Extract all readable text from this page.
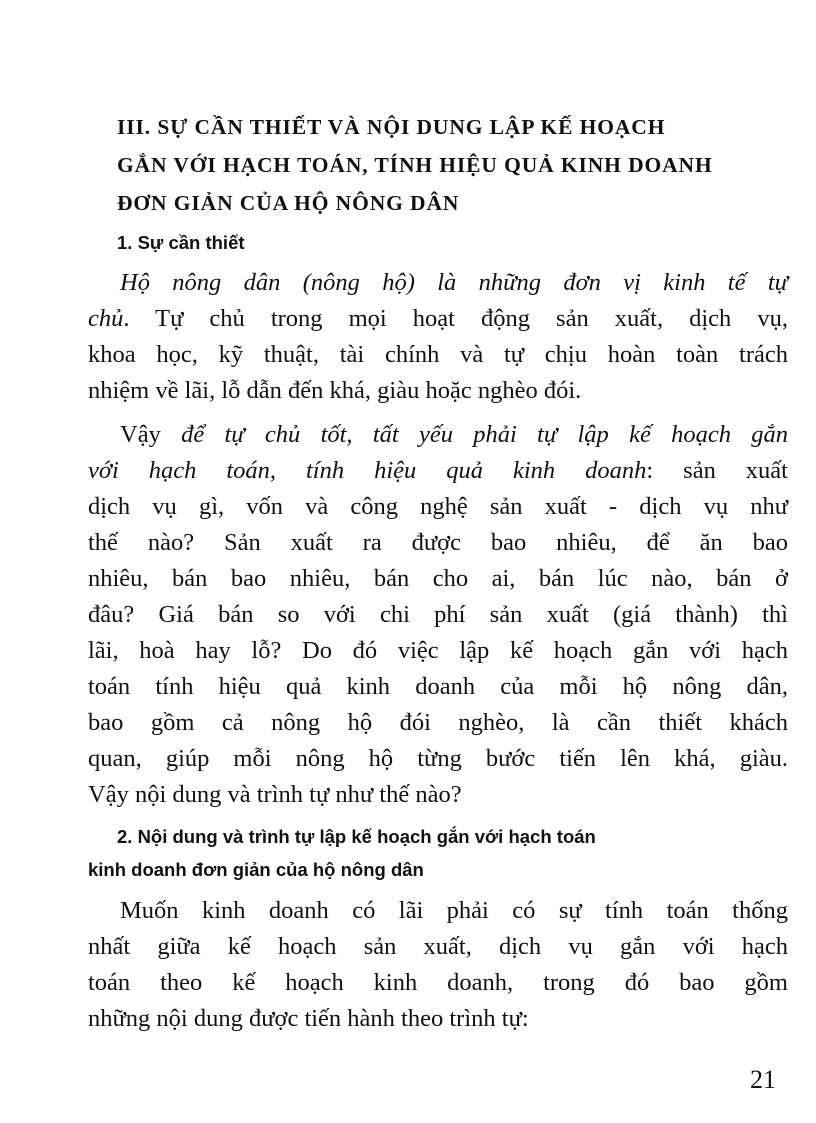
III. SỰ CẦN THIẾT VÀ NỘI DUNG LẬP KẾ HOẠCH
GẮN VỚI HẠCH TOÁN, TÍNH HIỆU QUẢ KINH DOANH
ĐƠN GIẢN CỦA HỘ NÔNG DÂN
1. Sự cần thiết
Hộ nông dân (nông hộ) là những đơn vị kinh tế tự
chủ. Tự chủ trong mọi hoạt động sản xuất, dịch vụ,
khoa học, kỹ thuật, tài chính và tự chịu hoàn toàn trách
nhiệm về lãi, lỗ dẫn đến khá, giàu hoặc nghèo đói.
Vậy để tự chủ tốt, tất yếu phải tự lập kế hoạch gắn
với hạch toán, tính hiệu quả kinh doanh: sản xuất
dịch vụ gì, vốn và công nghệ sản xuất - dịch vụ như
thế nào? Sản xuất ra được bao nhiêu, để ăn bao
nhiêu, bán bao nhiêu, bán cho ai, bán lúc nào, bán ở
đâu? Giá bán so với chi phí sản xuất (giá thành) thì
lãi, hoà hay lỗ? Do đó việc lập kế hoạch gắn với hạch
toán tính hiệu quả kinh doanh của mỗi hộ nông dân,
bao gồm cả nông hộ đói nghèo, là cần thiết khách
quan, giúp mỗi nông hộ từng bước tiến lên khá, giàu.
Vậy nội dung và trình tự như thế nào?
2. Nội dung và trình tự lập kế hoạch gắn với hạch toán
kinh doanh đơn giản của hộ nông dân
Muốn kinh doanh có lãi phải có sự tính toán thống
nhất giữa kế hoạch sản xuất, dịch vụ gắn với hạch
toán theo kế hoạch kinh doanh, trong đó bao gồm
những nội dung được tiến hành theo trình tự:
21
